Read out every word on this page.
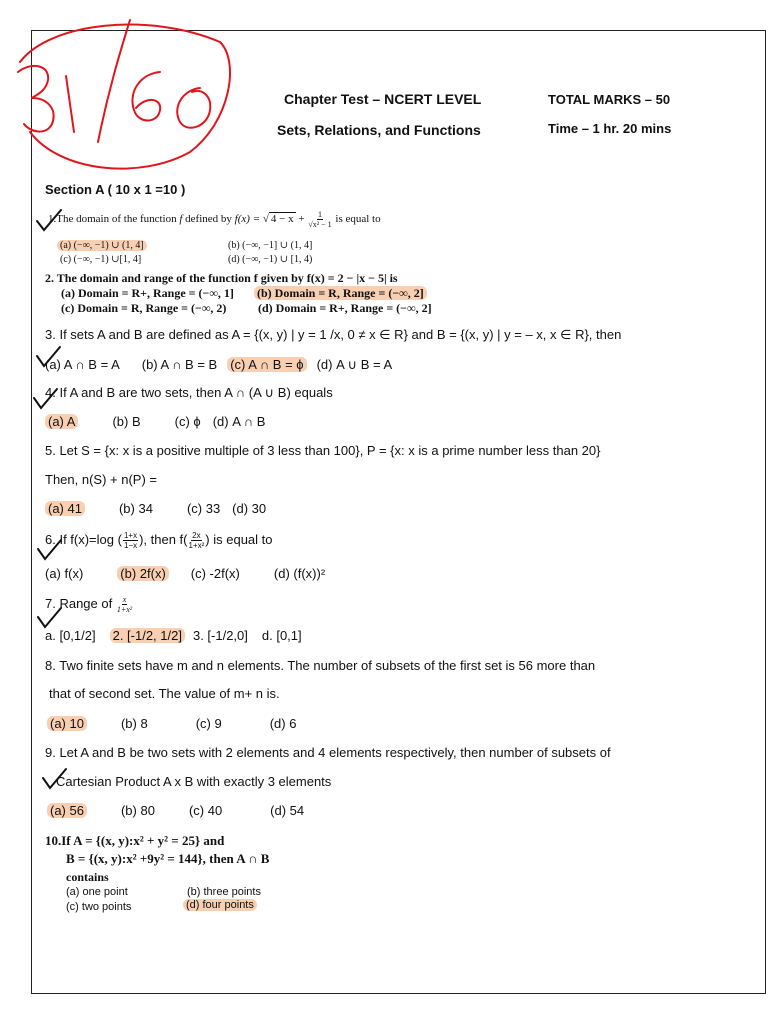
Chapter Test – NCERT LEVEL
Sets, Relations, and Functions
TOTAL MARKS – 50
Time – 1 hr. 20 mins
Section A ( 10 x 1 =10 )
1.The domain of the function f defined by f(x) = √ $4 - x + \frac{1}{\text{√x² − 1}}$ is equal to
(a) (−∞, −1) ∪ (1, 4]	(b) (−∞, −1] ∪ (1, 4]
(c) (−∞, −1) ∪[1, 4]	(d) (−∞, −1) ∪ [1, 4)
2. The domain and range of the function f given by f(x) = 2 − |x − 5| is
(a) Domain = R+, Range = (−∞, 1] (b) Domain = R, Range = (−∞, 2]
(c) Domain = R, Range = (−∞, 2)	(d) Domain = R+, Range = (−∞, 2]
3. If sets A and B are defined as A = {(x, y) | y = 1 /x, 0 ≠ x ∈ R} and B = {(x, y) | y = – x, x ∈ R}, then
(a) A ∩ B = A (b) A ∩ B = B (c) A ∩ B = ϕ (d) A ∪ B = A
4. If A and B are two sets, then A ∩ (A ∪ B) equals
(a) A	(b) B	(c) ϕ (d) A ∩ B
5. Let S = {x: x is a positive multiple of 3 less than 100}, P = {x: x is a prime number less than 20}
Then, n(S) + n(P) =
(a) 41	(b) 34	(c) 33 (d) 30
6. If f(x)=log ( $\frac{1+x}{1-x}$ ), then $f( \frac{2x}{\text{1+x²}}$ ) is equal to
(a) f(x)	(b) 2f(x) (c) -2f(x)	(d) (f(x))²
7. Range of $\frac{x}{\text{1+x²}}$
a. [0,1/2] 2. [-1/2, 1/2] 3. [-1/2,0] d. [0,1]
8. Two finite sets have m and n elements. The number of subsets of the first set is 56 more than
that of second set. The value of m+ n is.
(a) 10	(b) 8	(c) 9	(d) 6
9. Let A and B be two sets with 2 elements and 4 elements respectively, then number of subsets of
Cartesian Product A x B with exactly 3 elements
(a) 56	(b) 80	(c) 40	(d) 54
10.If A = {(x, y):x² + y² = 25} and
B = {(x, y):x² +9y² = 144}, then A ∩ B
contains
(a) one point	(b) three points
(c) two points	(d) four points
